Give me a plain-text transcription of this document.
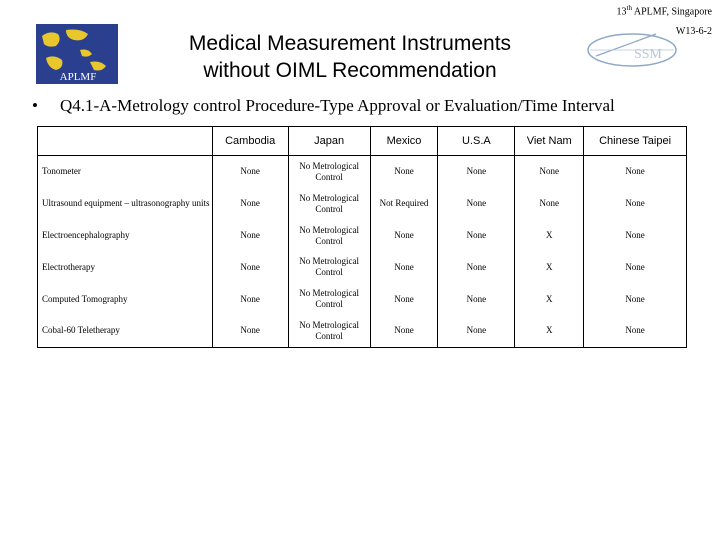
13th APLMF, Singapore
W13-6-2
APLMF
SSM
Medical Measurement Instruments
without OIML Recommendation
• Q4.1-A-Metrology control Procedure-Type Approval or Evaluation/Time Interval
	Cambodia	Japan	Mexico	U.S.A	Viet Nam	Chinese Taipei
Tonometer	None	No Metrological Control	None	None	None	None
Ultrasound equipment – ultrasonography units	None	No Metrological Control	Not Required	None	None	None
Electroencephalography	None	No Metrological Control	None	None	X	None
Electrotherapy	None	No Metrological Control	None	None	X	None
Computed Tomography	None	No Metrological Control	None	None	X	None
Cobal-60 Teletherapy	None	No Metrological Control	None	None	X	None
